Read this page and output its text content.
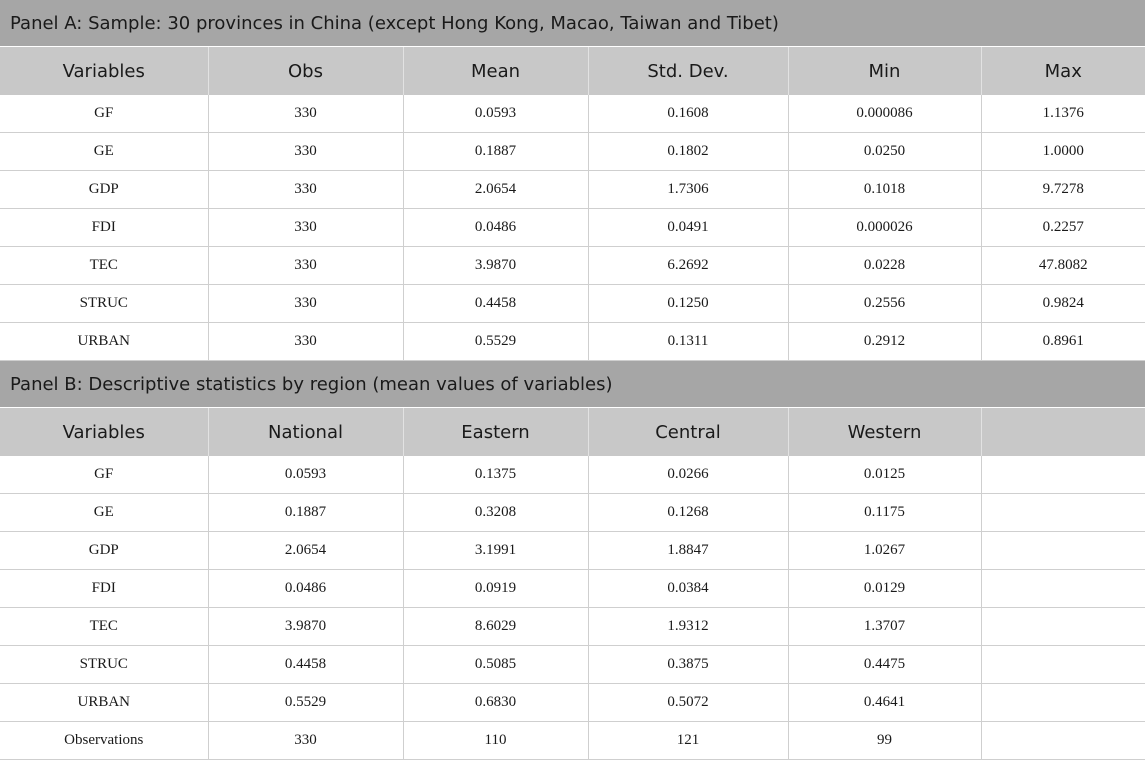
Panel A: Sample: 30 provinces in China (except Hong Kong, Macao, Taiwan and Tibet)					
Variables	Obs	Mean	Std. Dev.	Min	Max
GF	330	0.0593	0.1608	0.000086	1.1376
GE	330	0.1887	0.1802	0.0250	1.0000
GDP	330	2.0654	1.7306	0.1018	9.7278
FDI	330	0.0486	0.0491	0.000026	0.2257
TEC	330	3.9870	6.2692	0.0228	47.8082
STRUC	330	0.4458	0.1250	0.2556	0.9824
URBAN	330	0.5529	0.1311	0.2912	0.8961
Panel B: Descriptive statistics by region (mean values of variables)					
Variables	National	Eastern	Central	Western	
GF	0.0593	0.1375	0.0266	0.0125	
GE	0.1887	0.3208	0.1268	0.1175	
GDP	2.0654	3.1991	1.8847	1.0267	
FDI	0.0486	0.0919	0.0384	0.0129	
TEC	3.9870	8.6029	1.9312	1.3707	
STRUC	0.4458	0.5085	0.3875	0.4475	
URBAN	0.5529	0.6830	0.5072	0.4641	
Observations	330	110	121	99	
